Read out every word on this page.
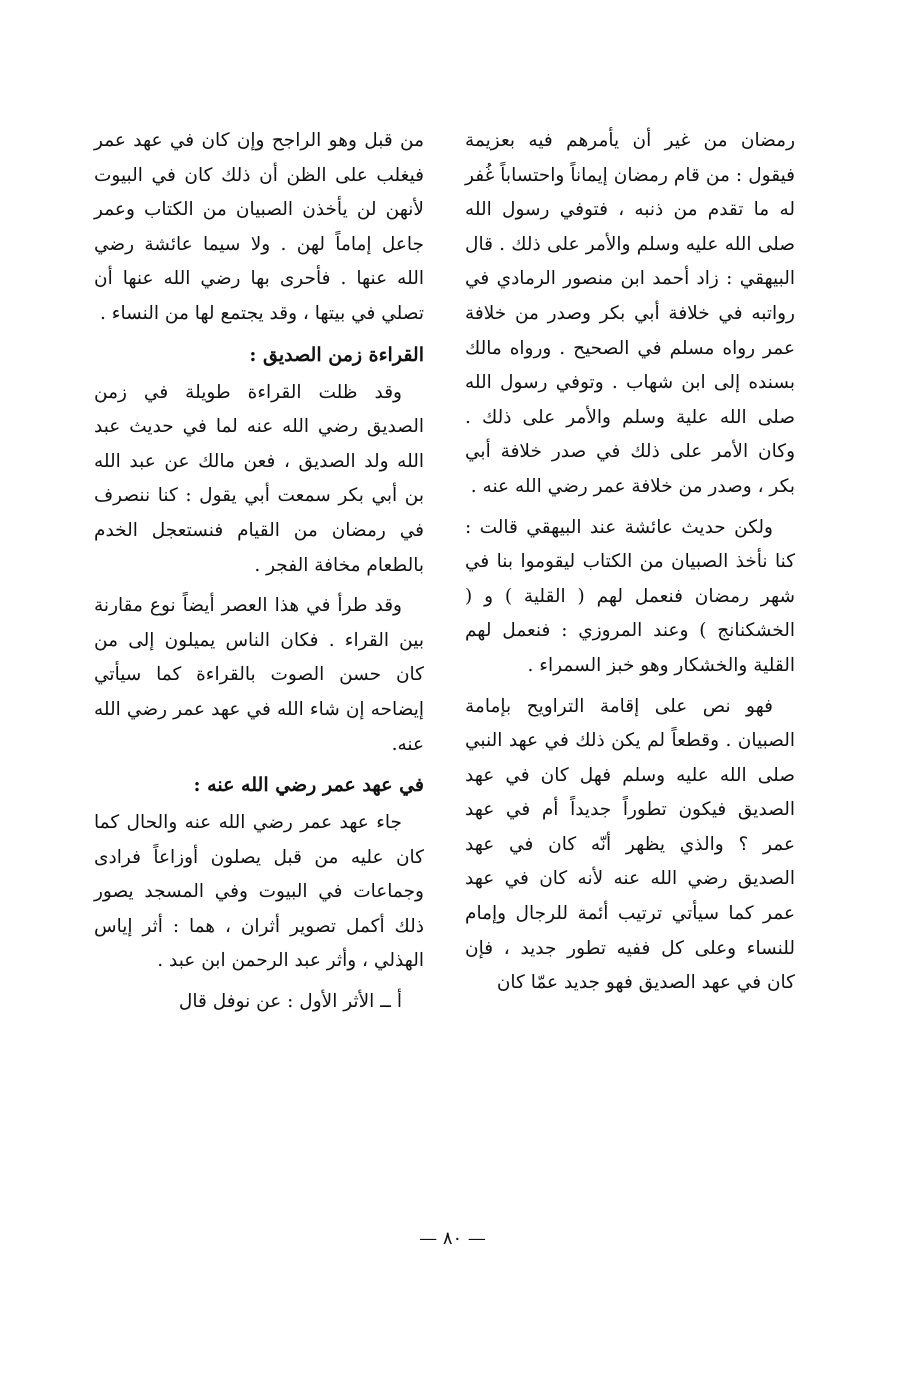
رمضان من غير أن يأمرهم فيه بعزيمة فيقول : من قام رمضان إيماناً واحتساباً غُفر له ما تقدم من ذنبه ، فتوفي رسول الله صلى الله عليه وسلم والأمر على ذلك . قال البيهقي : زاد أحمد ابن منصور الرمادي في رواتبه في خلافة أبي بكر وصدر من خلافة عمر رواه مسلم في الصحيح . ورواه مالك بسنده إلى ابن شهاب . وتوفي رسول الله صلى الله علية وسلم والأمر على ذلك . وكان الأمر على ذلك في صدر خلافة أبي بكر ، وصدر من خلافة عمر رضي الله عنه .

ولكن حديث عائشة عند البيهقي قالت : كنا نأخذ الصبيان من الكتاب ليقوموا بنا في شهر رمضان فنعمل لهم ( القلية ) و ( الخشكنانج ) وعند المروزي : فنعمل لهم القلية والخشكار وهو خبز السمراء .

فهو نص على إقامة التراويح بإمامة الصبيان . وقطعاً لم يكن ذلك في عهد النبي صلى الله عليه وسلم فهل كان في عهد الصديق فيكون تطوراً جديداً أم في عهد عمر ؟ والذي يظهر أنّه كان في عهد الصديق رضي الله عنه لأنه كان في عهد عمر كما سيأتي ترتيب أئمة للرجال وإمام للنساء وعلى كل ففيه تطور جديد ، فإن كان في عهد الصديق فهو جديد عمّا كان

من قبل وهو الراجح وإن كان في عهد عمر فيغلب على الظن أن ذلك كان في البيوت لأنهن لن يأخذن الصبيان من الكتاب وعمر جاعل إماماً لهن . ولا سيما عائشة رضي الله عنها . فأحرى بها رضي الله عنها أن تصلي في بيتها ، وقد يجتمع لها من النساء .

القراءة زمن الصديق :

وقد ظلت القراءة طويلة في زمن الصديق رضي الله عنه لما في حديث عبد الله ولد الصديق ، فعن مالك عن عبد الله بن أبي بكر سمعت أبي يقول : كنا ننصرف في رمضان من القيام فنستعجل الخدم بالطعام مخافة الفجر .

وقد طرأ في هذا العصر أيضاً نوع مقارنة بين القراء . فكان الناس يميلون إلى من كان حسن الصوت بالقراءة كما سيأتي إيضاحه إن شاء الله في عهد عمر رضي الله عنه.

في عهد عمر رضي الله عنه :

جاء عهد عمر رضي الله عنه والحال كما كان عليه من قبل يصلون أوزاعاً فرادى وجماعات في البيوت وفي المسجد يصور ذلك أكمل تصوير أثران ، هما : أثر إياس الهذلي ، وأثر عبد الرحمن ابن عبد .

أ ــ الأثر الأول : عن نوفل قال

— ٨٠ —
